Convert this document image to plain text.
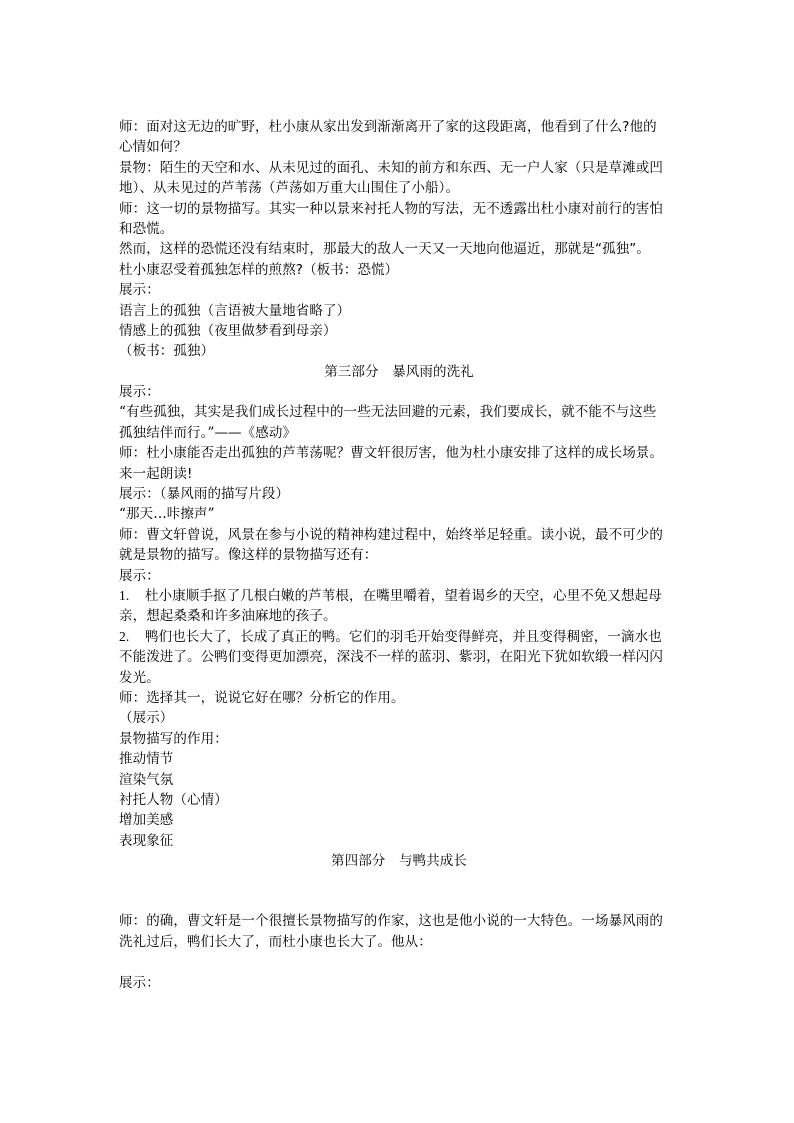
师：面对这无边的旷野，杜小康从家出发到渐渐离开了家的这段距离，他看到了什么?他的
心情如何？
景物：陌生的天空和水、从未见过的面孔、未知的前方和东西、无一户人家（只是草滩或凹
地）、从未见过的芦苇荡（芦荡如万重大山围住了小船）。
师：这一切的景物描写。其实一种以景来衬托人物的写法，无不透露出杜小康对前行的害怕
和恐慌。
然而，这样的恐慌还没有结束时，那最大的敌人一天又一天地向他逼近，那就是“孤独”。
杜小康忍受着孤独怎样的煎熬?（板书：恐慌）
展示：
语言上的孤独（言语被大量地省略了）
情感上的孤独（夜里做梦看到母亲）
（板书：孤独）
第三部分　暴风雨的洗礼
展示：
“有些孤独，其实是我们成长过程中的一些无法回避的元素，我们要成长，就不能不与这些
孤独结伴而行。”——《感动》
师：杜小康能否走出孤独的芦苇荡呢？曹文轩很厉害，他为杜小康安排了这样的成长场景。
来一起朗读!
展示：（暴风雨的描写片段）
“那天…咔擦声”
师：曹文轩曾说，风景在参与小说的精神构建过程中，始终举足轻重。读小说，最不可少的
就是景物的描写。像这样的景物描写还有：
展示：
1. 杜小康顺手抠了几根白嫩的芦苇根，在嘴里嚼着，望着谒乡的天空，心里不免又想起母
亲，想起桑桑和许多油麻地的孩子。
2. 鸭们也长大了，长成了真正的鸭。它们的羽毛开始变得鲜亮，并且变得稠密，一滴水也
不能泼进了。公鸭们变得更加漂亮，深浅不一样的蓝羽、紫羽，在阳光下犹如软缎一样闪闪
发光。
师：选择其一，说说它好在哪？分析它的作用。
（展示）
景物描写的作用：
推动情节
渲染气氛
衬托人物（心情）
增加美感
表现象征
第四部分　与鸭共成长
师：的确，曹文轩是一个很擅长景物描写的作家，这也是他小说的一大特色。一场暴风雨的
洗礼过后，鸭们长大了，而杜小康也长大了。他从：
展示：
